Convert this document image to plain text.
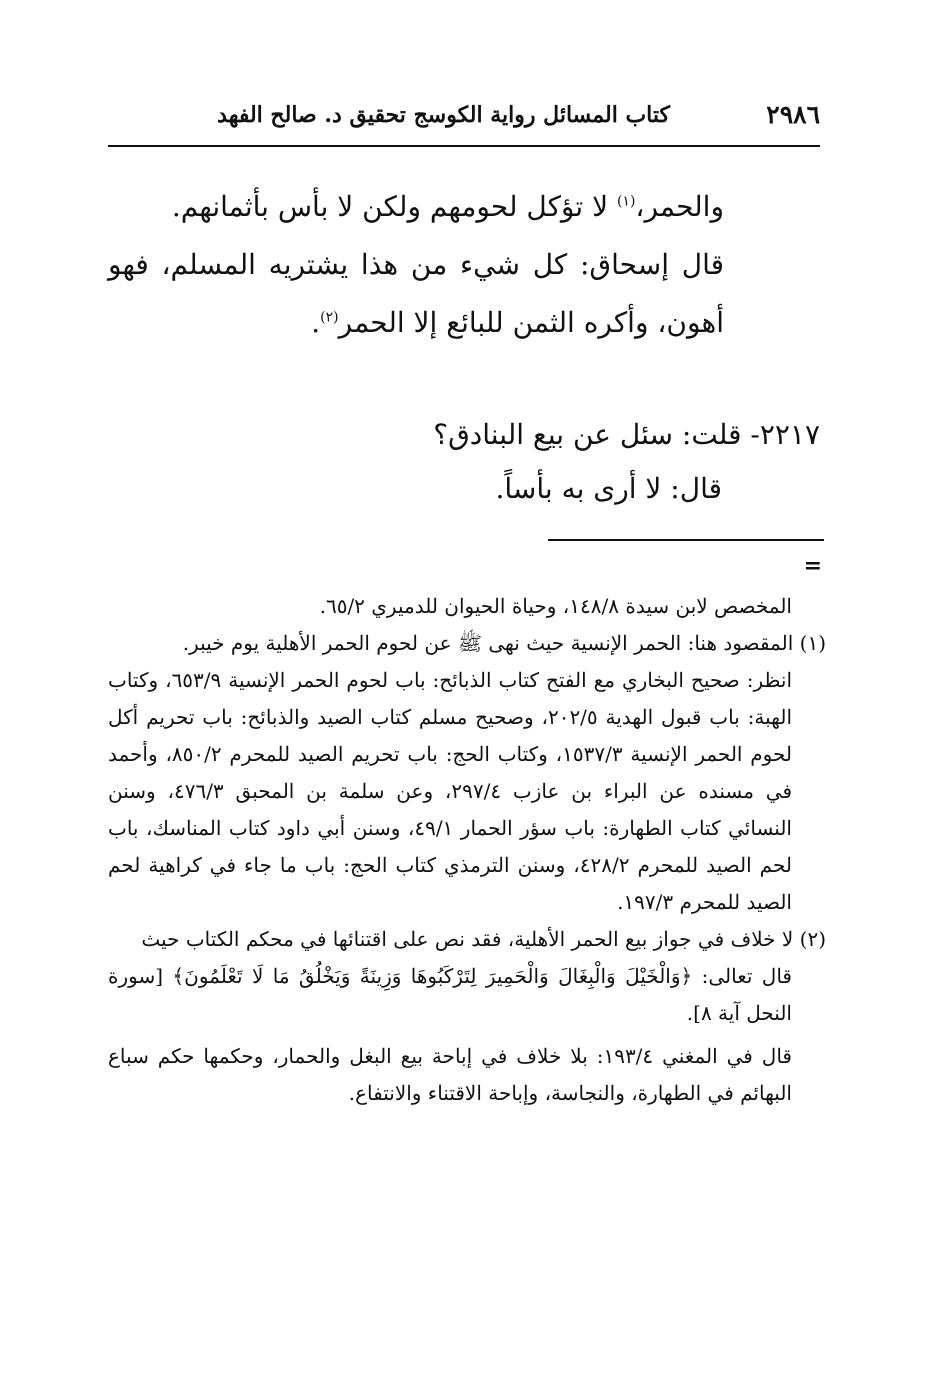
٢٩٨٦
كتاب المسائل رواية الكوسج تحقيق د. صالح الفهد

والحمر،$^{(١)}$ لا تؤكل لحومهم ولكن لا بأس بأثمانهم.

قال إسحاق: كل شيء من هذا يشتريه المسلم، فهو أهون، وأكره الثمن للبائع إلا الحمر$^{(٢)}$.

٢٢١٧- قلت: سئل عن بيع البنادق؟

قال: لا أرى به بأساً.

=

المخصص لابن سيدة ١٤٨/٨، وحياة الحيوان للدميري ٦٥/٢.

(١) المقصود هنا: الحمر الإنسية حيث نهى ﷺ عن لحوم الحمر الأهلية يوم خيبر.

انظر: صحيح البخاري مع الفتح كتاب الذبائح: باب لحوم الحمر الإنسية ٦٥٣/٩، وكتاب الهبة: باب قبول الهدية ٢٠٢/٥، وصحيح مسلم كتاب الصيد والذبائح: باب تحريم أكل لحوم الحمر الإنسية ١٥٣٧/٣، وكتاب الحج: باب تحريم الصيد للمحرم ٨٥٠/٢، وأحمد في مسنده عن البراء بن عازب ٢٩٧/٤، وعن سلمة بن المحبق ٤٧٦/٣، وسنن النسائي كتاب الطهارة: باب سؤر الحمار ٤٩/١، وسنن أبي داود كتاب المناسك، باب لحم الصيد للمحرم ٤٢٨/٢، وسنن الترمذي كتاب الحج: باب ما جاء في كراهية لحم الصيد للمحرم ١٩٧/٣.

(٢) لا خلاف في جواز بيع الحمر الأهلية، فقد نص على اقتنائها في محكم الكتاب حيث

قال تعالى: ﴿وَالْخَيْلَ وَالْبِغَالَ وَالْحَمِيرَ لِتَرْكَبُوهَا وَزِينَةً وَيَخْلُقُ مَا لَا تَعْلَمُونَ﴾ [سورة النحل آية ٨].

قال في المغني ١٩٣/٤: بلا خلاف في إباحة بيع البغل والحمار، وحكمها حكم سباع البهائم في الطهارة، والنجاسة، وإباحة الاقتناء والانتفاع.
